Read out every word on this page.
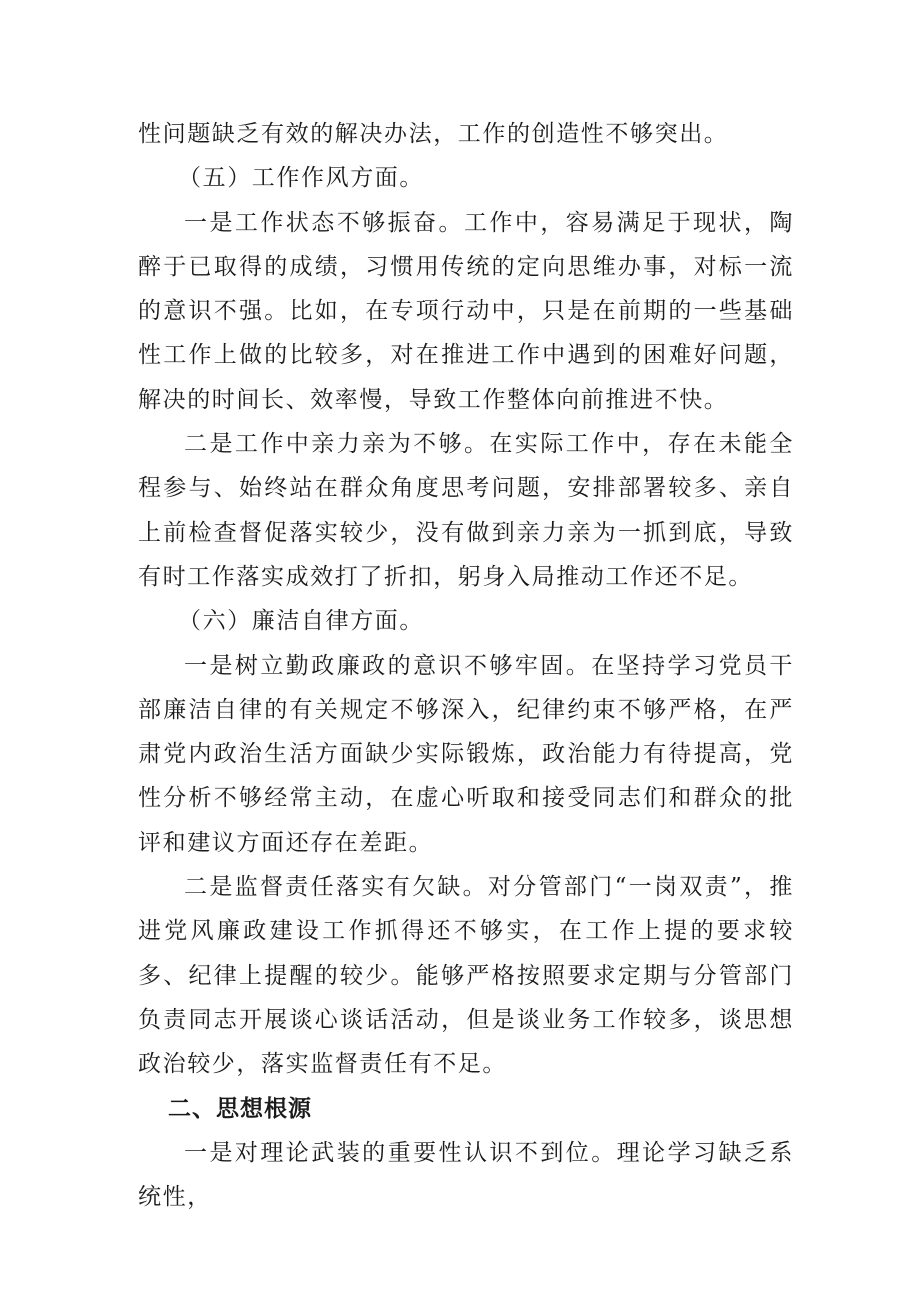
性问题缺乏有效的解决办法，工作的创造性不够突出。

（五）工作作风方面。

一是工作状态不够振奋。工作中，容易满足于现状，陶醉于已取得的成绩，习惯用传统的定向思维办事，对标一流的意识不强。比如，在专项行动中，只是在前期的一些基础性工作上做的比较多，对在推进工作中遇到的困难好问题，解决的时间长、效率慢，导致工作整体向前推进不快。

二是工作中亲力亲为不够。在实际工作中，存在未能全程参与、始终站在群众角度思考问题，安排部署较多、亲自上前检查督促落实较少，没有做到亲力亲为一抓到底，导致有时工作落实成效打了折扣，躬身入局推动工作还不足。

（六）廉洁自律方面。

一是树立勤政廉政的意识不够牢固。在坚持学习党员干部廉洁自律的有关规定不够深入，纪律约束不够严格，在严肃党内政治生活方面缺少实际锻炼，政治能力有待提高，党性分析不够经常主动，在虚心听取和接受同志们和群众的批评和建议方面还存在差距。

二是监督责任落实有欠缺。对分管部门“一岗双责”，推进党风廉政建设工作抓得还不够实，在工作上提的要求较多、纪律上提醒的较少。能够严格按照要求定期与分管部门负责同志开展谈心谈话活动，但是谈业务工作较多，谈思想政治较少，落实监督责任有不足。

二、思想根源

一是对理论武装的重要性认识不到位。理论学习缺乏系统性，
